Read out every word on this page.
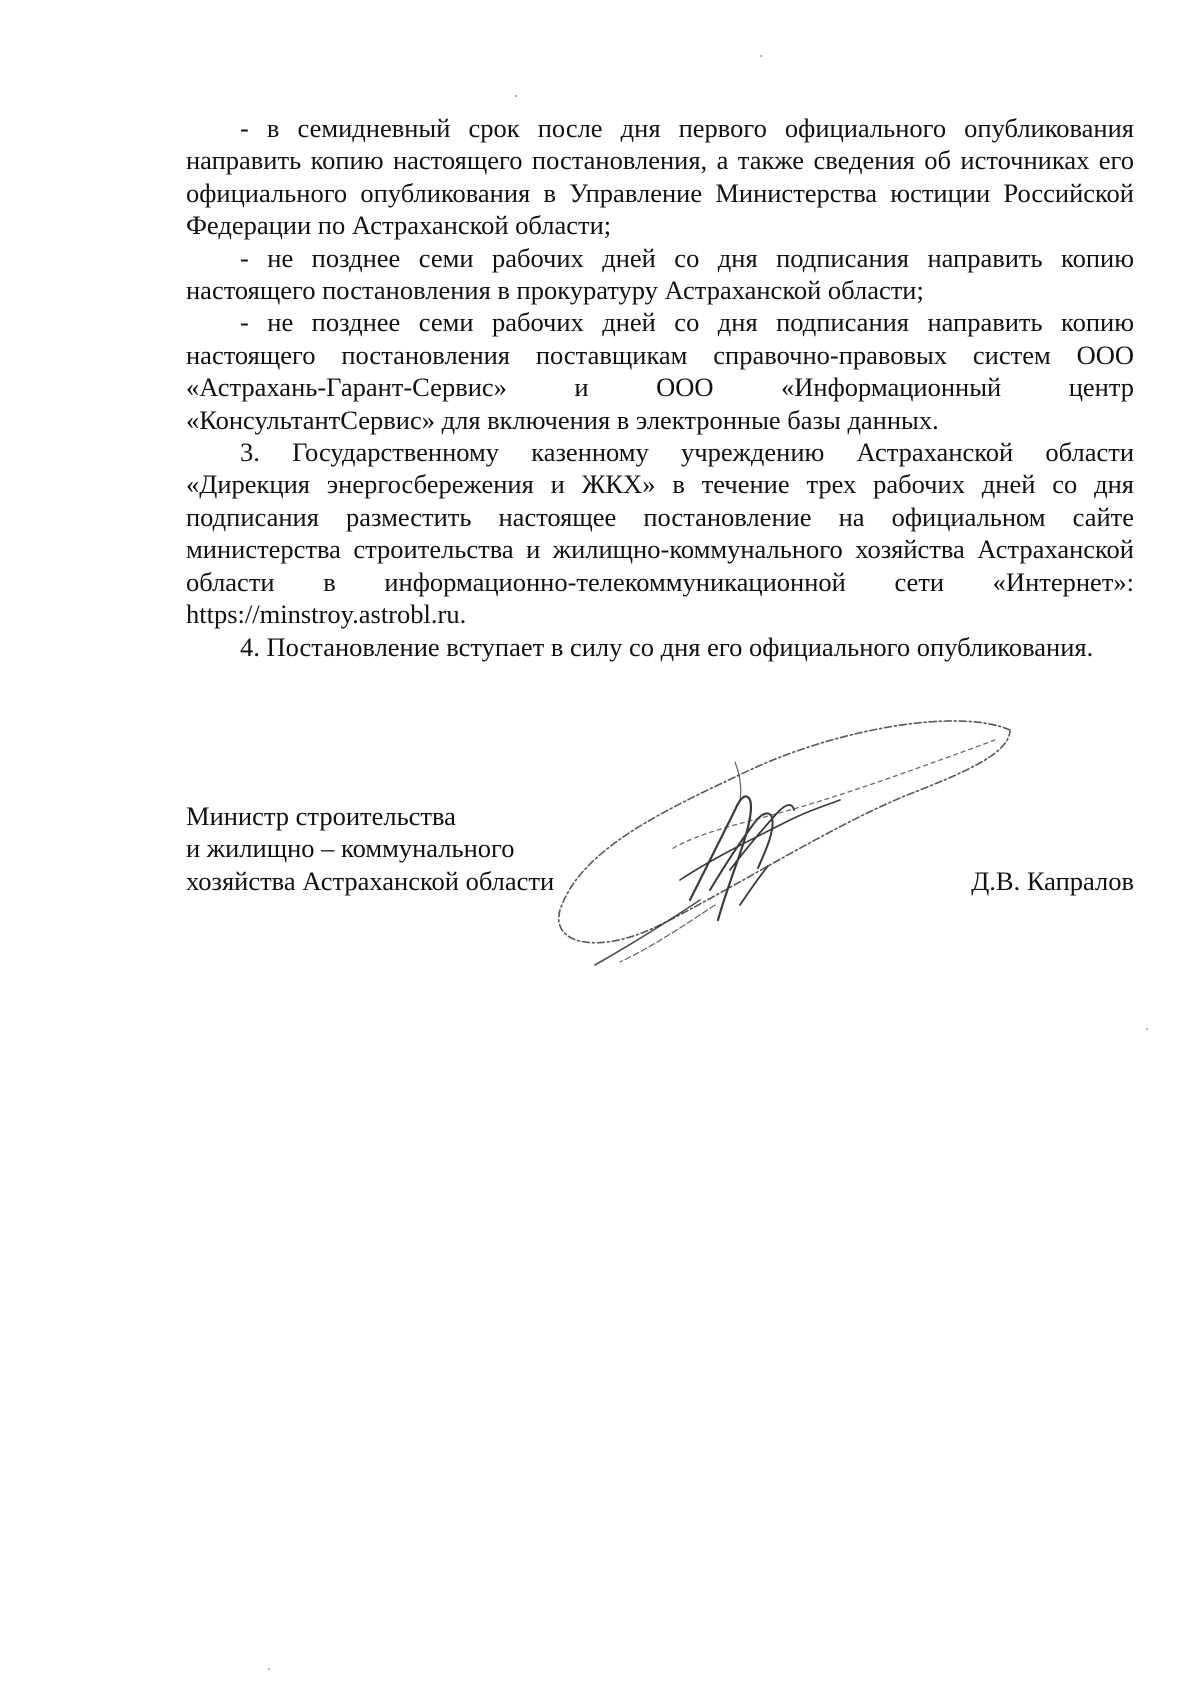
- в семидневный срок после дня первого официального опубликования направить копию настоящего постановления, а также сведения об источниках его официального опубликования в Управление Министерства юстиции Российской Федерации по Астраханской области;

- не позднее семи рабочих дней со дня подписания направить копию настоящего постановления в прокуратуру Астраханской области;

- не позднее семи рабочих дней со дня подписания направить копию настоящего постановления поставщикам справочно-правовых систем ООО «Астрахань-Гарант-Сервис» и ООО «Информационный центр «КонсультантСервис» для включения в электронные базы данных.

3. Государственному казенному учреждению Астраханской области «Дирекция энергосбережения и ЖКХ» в течение трех рабочих дней со дня подписания разместить настоящее постановление на официальном сайте министерства строительства и жилищно-коммунального хозяйства Астраханской области в информационно-телекоммуникационной сети «Интернет»: https://minstroy.astrobl.ru.

4. Постановление вступает в силу со дня его официального опубликования.

Министр строительства
и жилищно – коммунального
хозяйства Астраханской области	Д.В. Капралов
